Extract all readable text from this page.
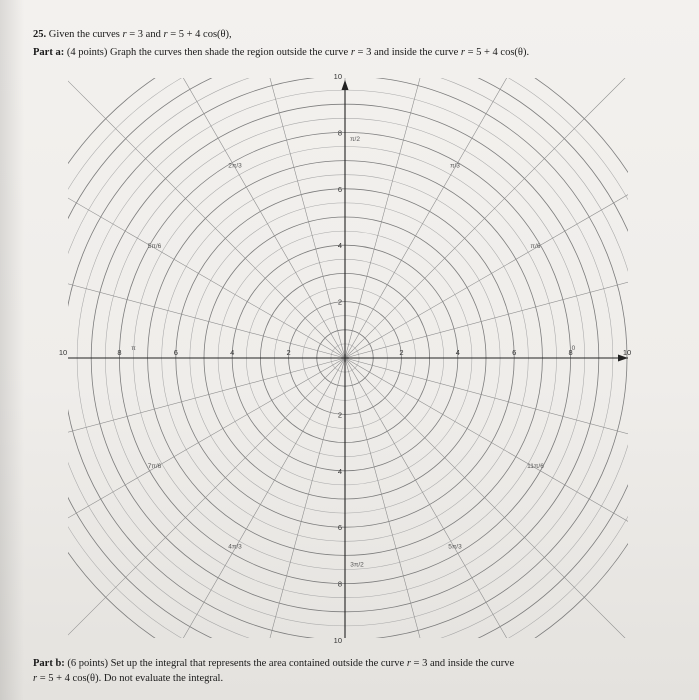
25. Given the curves r = 3 and r = 5 + 4 cos(θ),
Part a: (4 points) Graph the curves then shade the region outside the curve r = 3 and inside the curve r = 5 + 4 cos(θ).
2	4	6	8	10
2
4
6
8
10
2
4
6
8
10
2
4
6
8
10
π/2
π/3
2π/3
π/6
5π/6
π	0
7π/6	11π/6
4π/3	5π/3
3π/2
Part b: (6 points) Set up the integral that represents the area contained outside the curve r = 3 and inside the curve
r = 5 + 4 cos(θ). Do not evaluate the integral.
